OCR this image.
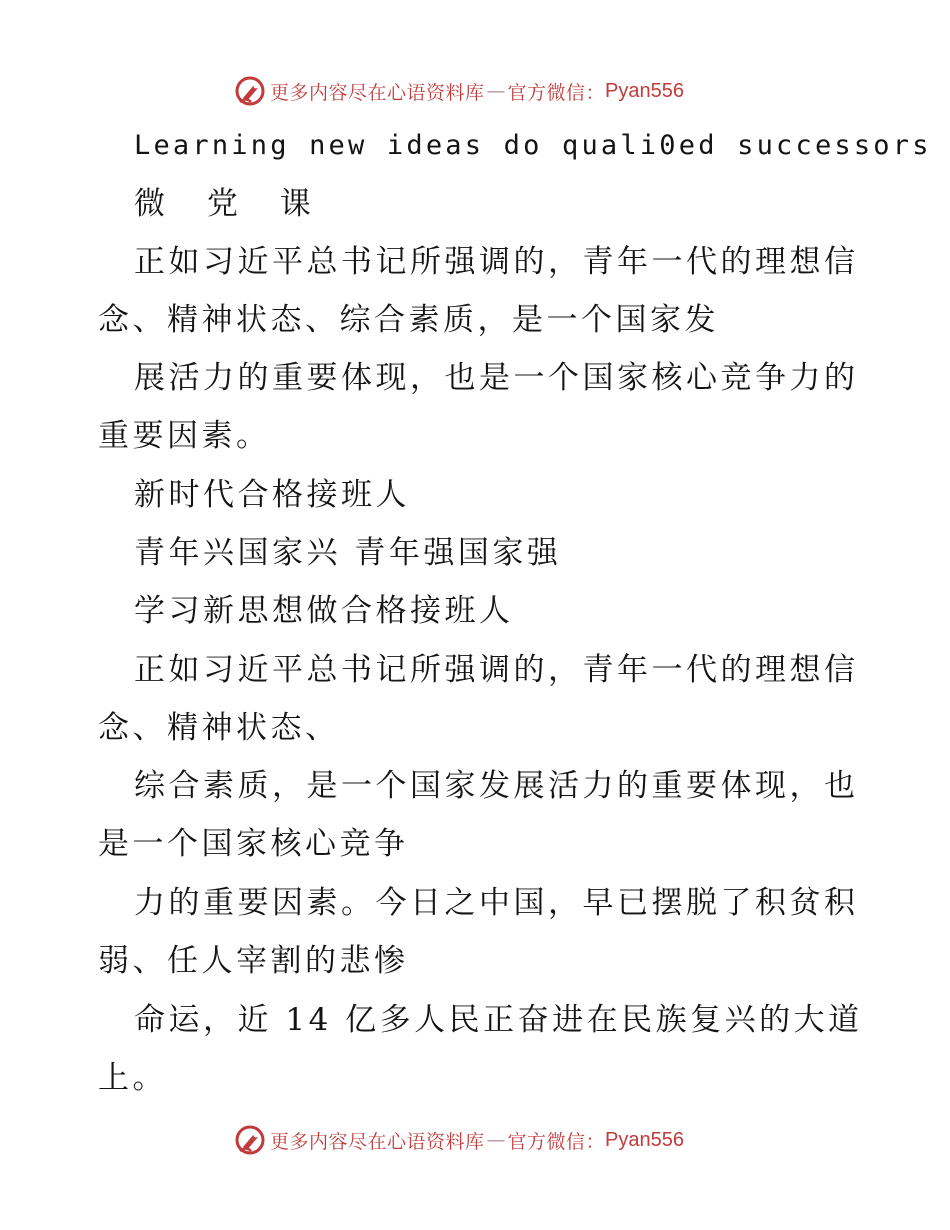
更多内容尽在心语资料库 — 官方微信： Pyan556
Learning new ideas do quali0ed successors
微 党 课
正如习近平总书记所强调的，青年一代的理想信
念、精神状态、综合素质，是一个国家发
展活力的重要体现，也是一个国家核心竞争力的
重要因素。
新时代合格接班人
青年兴国家兴 青年强国家强
学习新思想做合格接班人
正如习近平总书记所强调的，青年一代的理想信
念、精神状态、
综合素质，是一个国家发展活力的重要体现，也
是一个国家核心竞争
力的重要因素。今日之中国，早已摆脱了积贫积
弱、任人宰割的悲惨
命运，近 14 亿多人民正奋进在民族复兴的大道
上。
更多内容尽在心语资料库 — 官方微信： Pyan556
